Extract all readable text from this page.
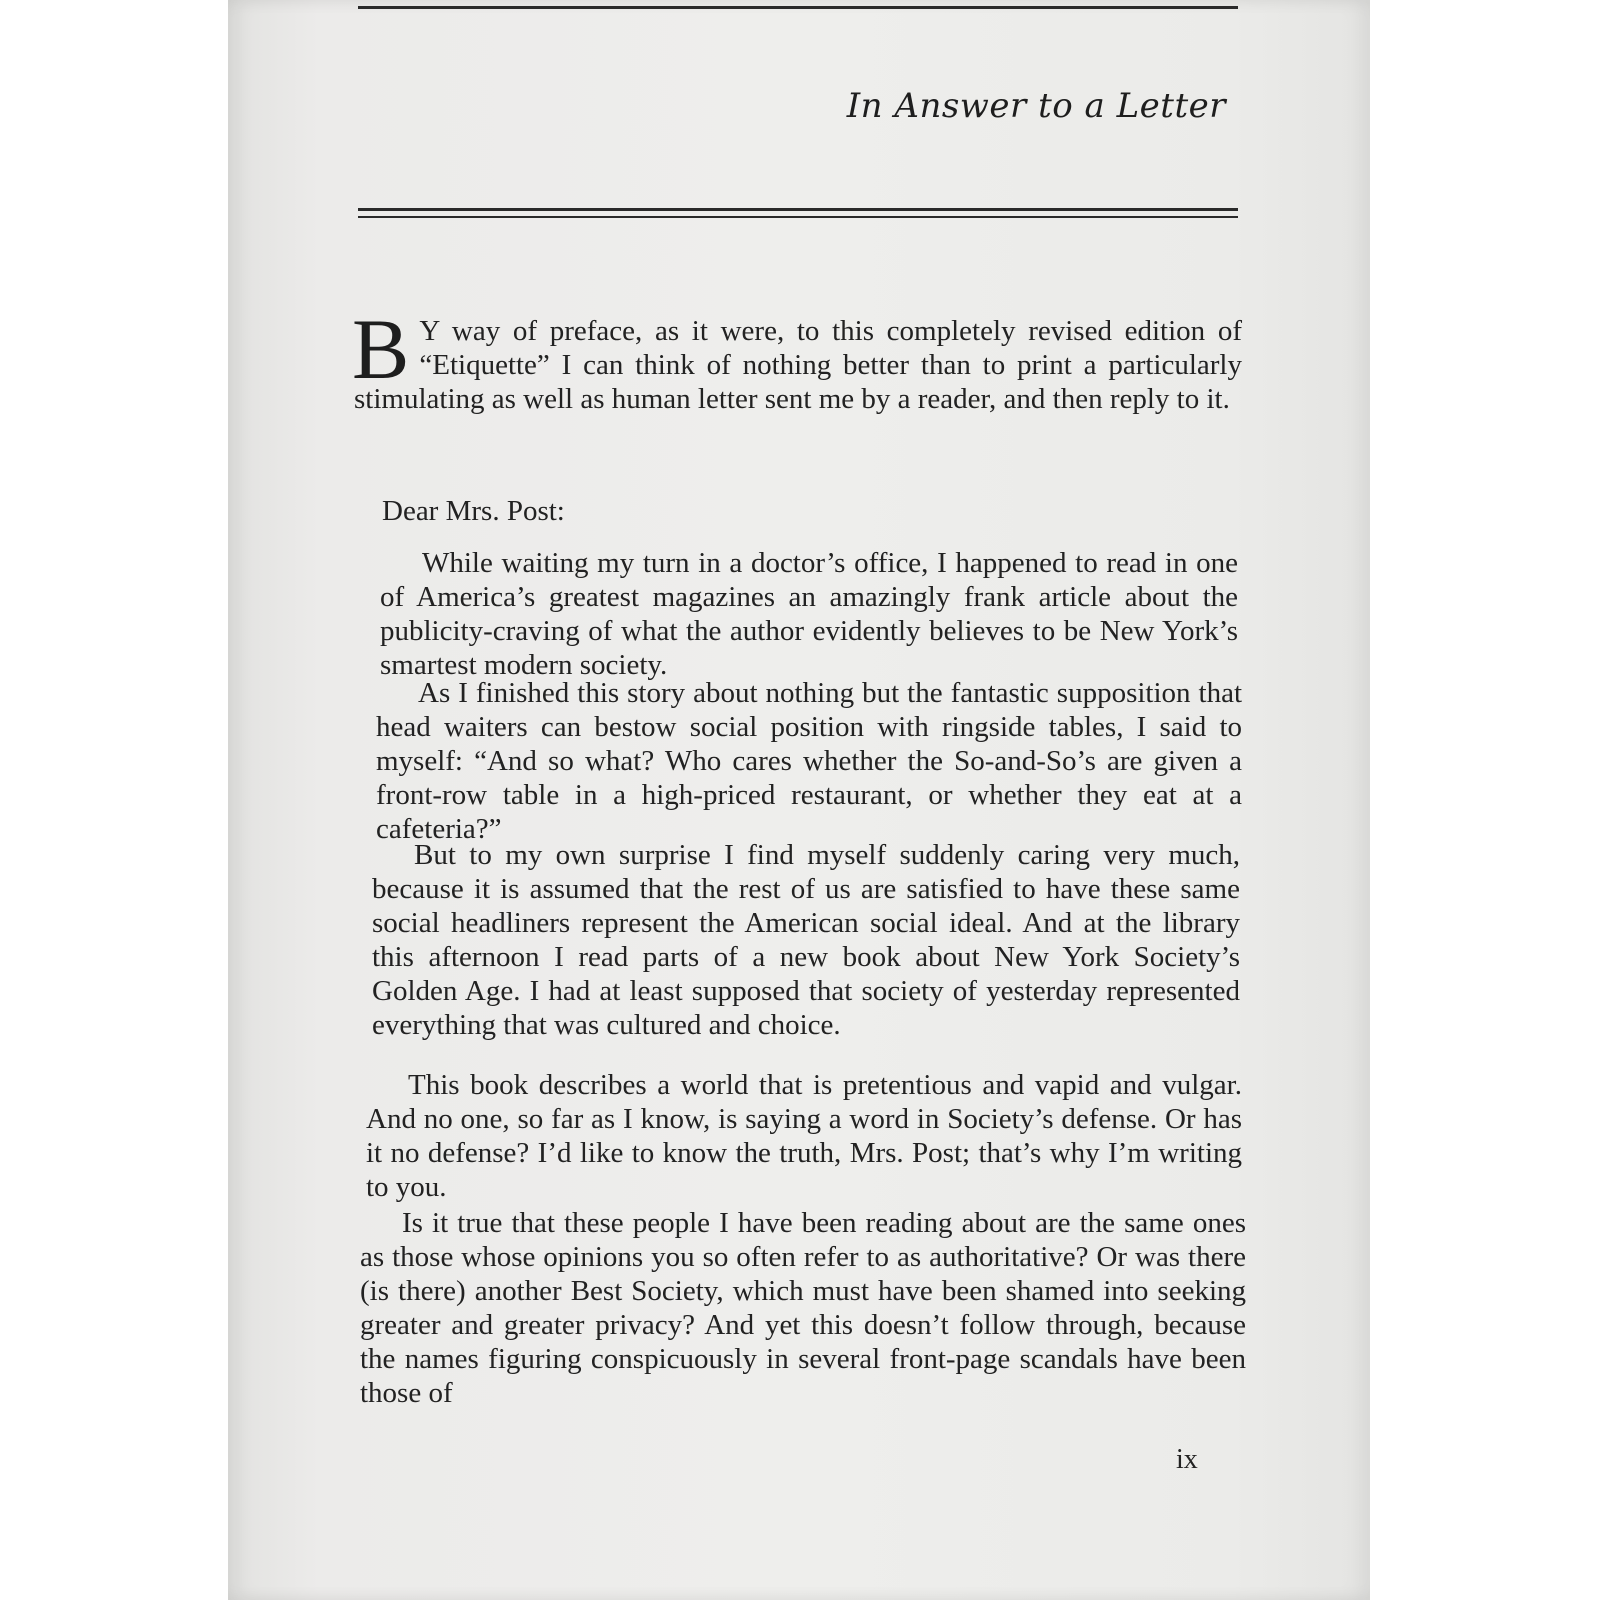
In Answer to a Letter
B Y way of preface, as it were, to this completely revised edition of “Etiquette” I can think of nothing better than to print a particularly stimulating as well as human letter sent me by a reader, and then reply to it.
Dear Mrs. Post:

While waiting my turn in a doctor’s office, I happened to read in one of America’s greatest magazines an amazingly frank article about the publicity-craving of what the author evidently believes to be New York’s smartest modern society.

As I finished this story about nothing but the fantastic supposition that head waiters can bestow social position with ringside tables, I said to myself: “And so what? Who cares whether the So-and-So’s are given a front-row table in a high-priced restaurant, or whether they eat at a cafeteria?”

But to my own surprise I find myself suddenly caring very much, because it is assumed that the rest of us are satisfied to have these same social headliners represent the American social ideal. And at the library this afternoon I read parts of a new book about New York Society’s Golden Age. I had at least supposed that society of yesterday represented everything that was cultured and choice.

This book describes a world that is pretentious and vapid and vulgar. And no one, so far as I know, is saying a word in Society’s defense. Or has it no defense? I’d like to know the truth, Mrs. Post; that’s why I’m writing to you.

Is it true that these people I have been reading about are the same ones as those whose opinions you so often refer to as authoritative? Or was there (is there) another Best Society, which must have been shamed into seeking greater and greater privacy? And yet this doesn’t follow through, because the names figuring conspicuously in several front-page scandals have been those of

ix
